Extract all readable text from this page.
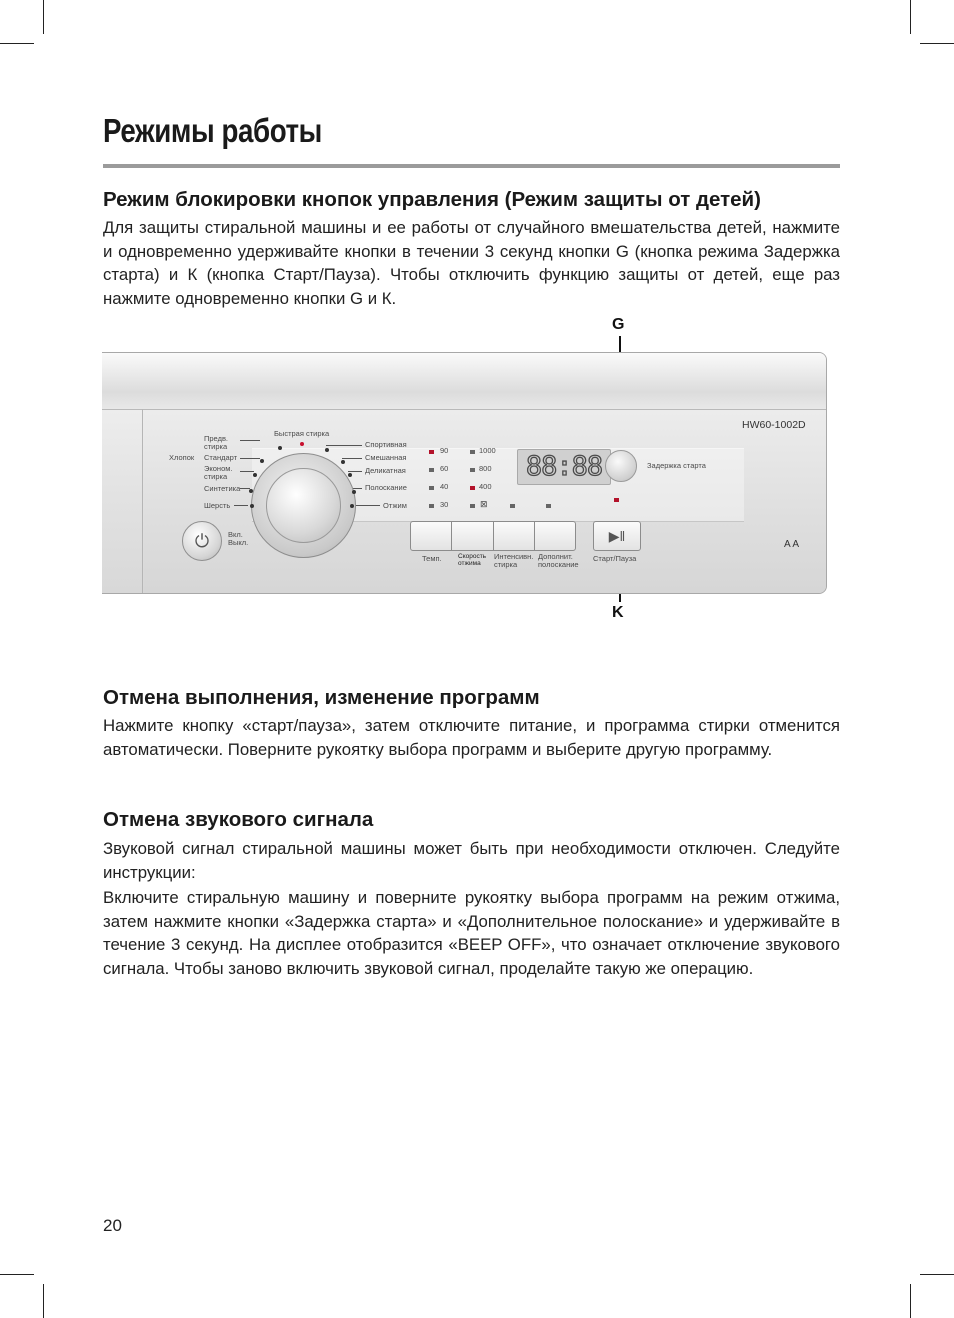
Режимы работы
Режим блокировки кнопок управления (Режим защиты от детей)

Для защиты стиральной машины и ее работы от случайного вмешательства детей, нажмите и одновременно удерживайте кнопки в течении 3 секунд кнопки G (кнопка режима Задержка старта) и К (кнопка Старт/Пауза). Чтобы отключить функцию защиты от детей, еще раз нажмите одновременно кнопки G и К.

G
K
HW60-1002D
Хлопок
Предв. стирка
Стандарт
Эконом. стирка
Синтетика
Шерсть
Быстрая стирка
Спортивная
Смешанная
Деликатная
Полоскание
Отжим
90
60
40
30
1000
800
400
⊠
88:88	Задержка старта
Темп.	Скорость отжима
Интенсивн. стирка
Дополнит. полоскание
▶‖
Старт/Пауза
⏻	Вкл. Выкл.	A A
Отмена выполнения, изменение программ

Нажмите кнопку «старт/пауза», затем отключите питание, и программа стирки отменится автоматически. Поверните рукоятку выбора программ и выберите другую программу.

Отмена звукового сигнала

Звуковой сигнал стиральной машины может быть при необходимости отключен. Следуйте инструкции:

Включите стиральную машину и поверните рукоятку выбора программ на режим отжима, затем нажмите кнопки «Задержка старта» и «Дополнительное полоскание» и удерживайте в течение 3 секунд. На дисплее отобразится «BEEP OFF», что означает отключение звукового сигнала. Чтобы заново включить звуковой сигнал, проделайте такую же операцию.

20
